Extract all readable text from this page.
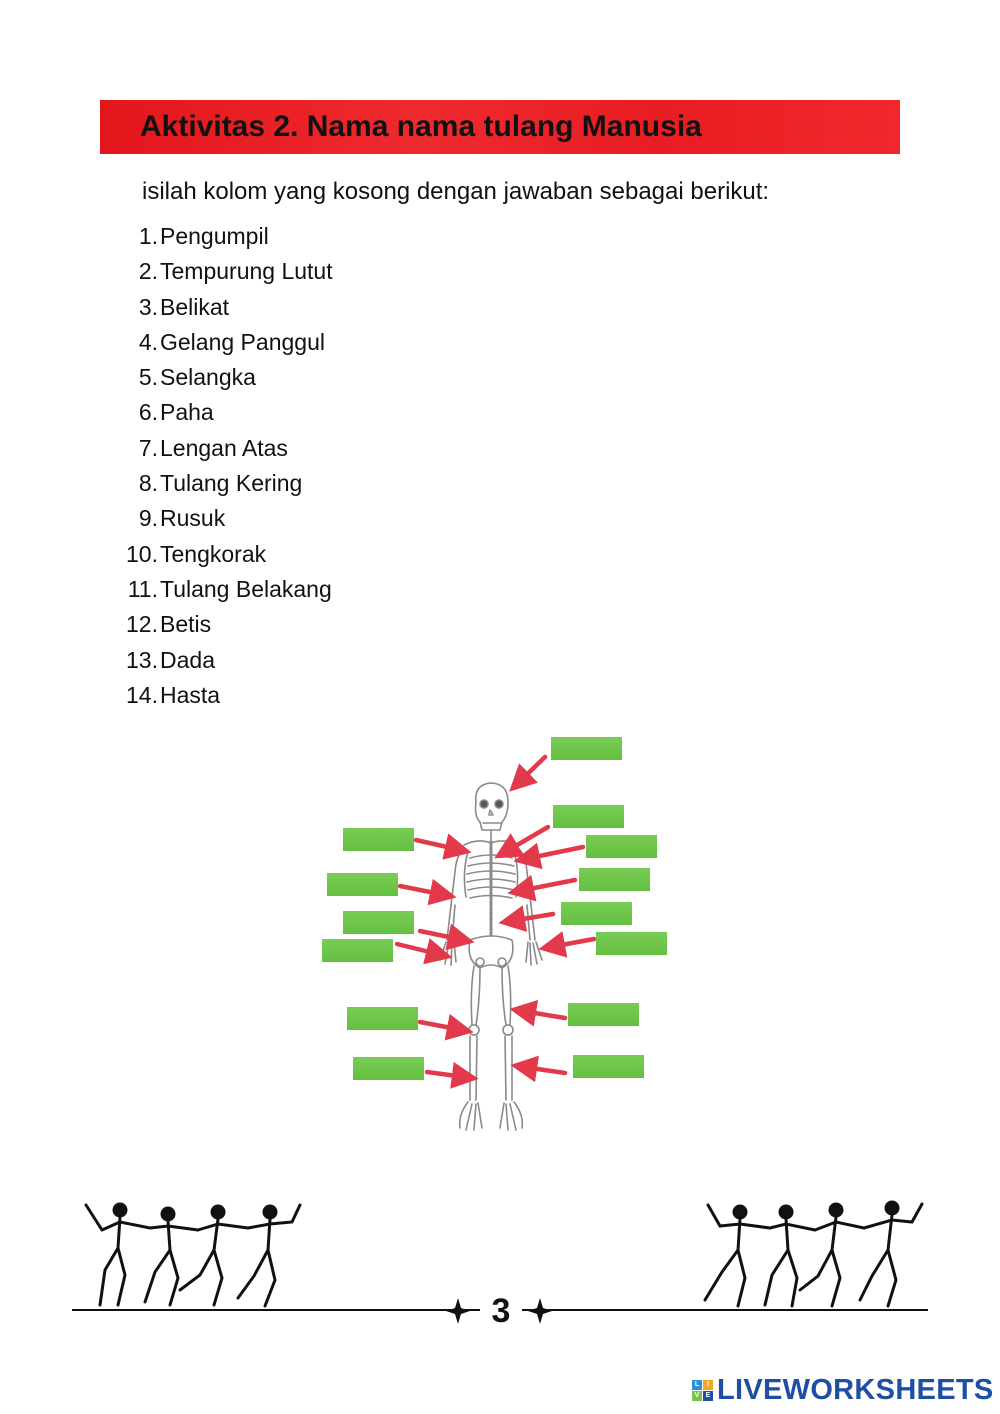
Aktivitas 2. Nama nama tulang Manusia
isilah kolom yang kosong dengan jawaban sebagai berikut:
1. Pengumpil
2. Tempurung Lutut
3. Belikat
4. Gelang Panggul
5. Selangka
6. Paha
7. Lengan Atas
8. Tulang Kering
9. Rusuk
10. Tengkorak
11. Tulang Belakang
12. Betis
13. Dada
14. Hasta
3
L	I
V E LIVEWORKSHEETS
